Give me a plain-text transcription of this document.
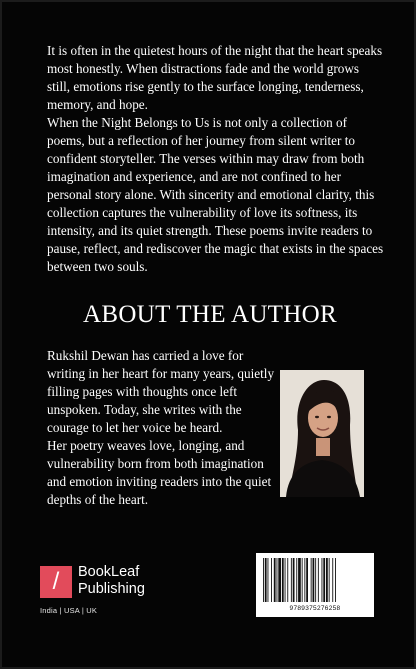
It is often in the quietest hours of the night that the heart speaks most honestly. When distractions fade and the world grows still, emotions rise gently to the surface longing, tenderness, memory, and hope.

When the Night Belongs to Us is not only a collection of poems, but a reflection of her journey from silent writer to confident storyteller. The verses within may draw from both imagination and experience, and are not confined to her personal story alone. With sincerity and emotional clarity, this collection captures the vulnerability of love its softness, its intensity, and its quiet strength. These poems invite readers to pause, reflect, and rediscover the magic that exists in the spaces between two souls.

ABOUT THE AUTHOR

Rukshil Dewan has carried a love for writing in her heart for many years, quietly filling pages with thoughts once left unspoken. Today, she writes with the courage to let her voice be heard.

Her poetry weaves love, longing, and vulnerability born from both imagination and emotion inviting readers into the quiet depths of the heart.

/	BookLeaf
Publishing
India | USA | UK	9789375276258
